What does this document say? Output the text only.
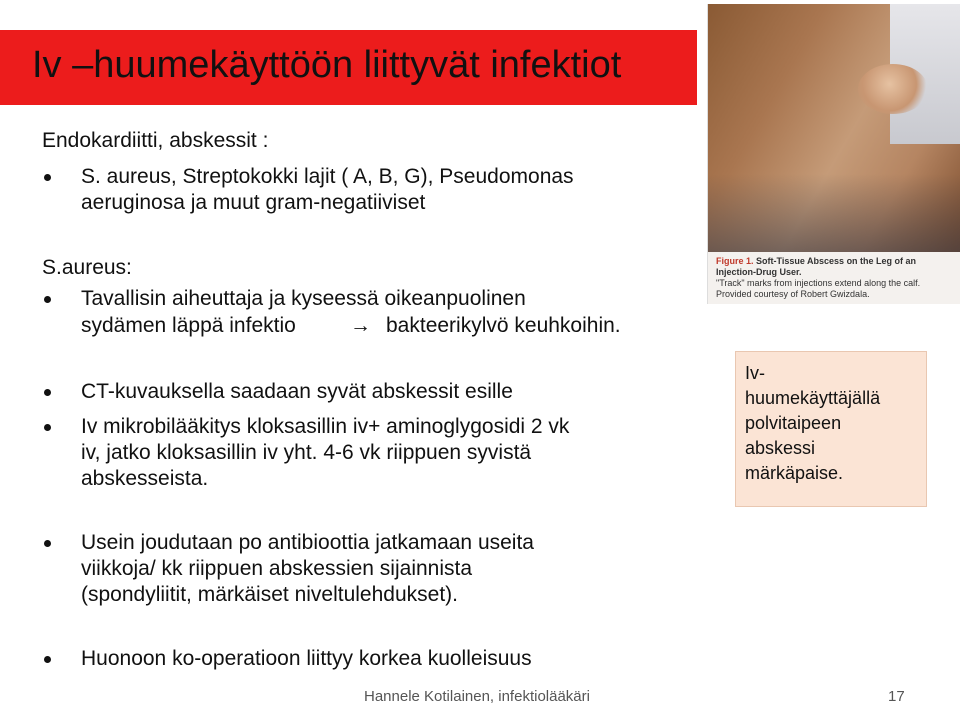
Iv –huumekäyttöön liittyvät infektiot
Endokardiitti, abskessit :
S. aureus, Streptokokki lajit ( A, B, G), Pseudomonas
aeruginosa ja muut gram-negatiiviset
S.aureus:
Tavallisin aiheuttaja ja kyseessä oikeanpuolinen
sydämen läppä infektio	→ bakteerikylvö keuhkoihin.
CT-kuvauksella saadaan syvät abskessit esille
Iv mikrobilääkitys kloksasillin iv+ aminoglygosidi 2 vk
iv, jatko kloksasillin iv yht. 4-6 vk riippuen syvistä
abskesseista.
Usein joudutaan po antibioottia jatkamaan useita
viikkoja/ kk riippuen abskessien sijainnista
(spondyliitit, märkäiset niveltulehdukset).
Huonoon ko-operatioon liittyy korkea kuolleisuus
Figure 1. Soft-Tissue Abscess on the Leg of an Injection-Drug User.
"Track" marks from injections extend along the calf.
Provided courtesy of Robert Gwizdala.
Iv-
huumekäyttäjällä
polvitaipeen
abskessi
märkäpaise.
Hannele Kotilainen, infektiolääkäri	17
